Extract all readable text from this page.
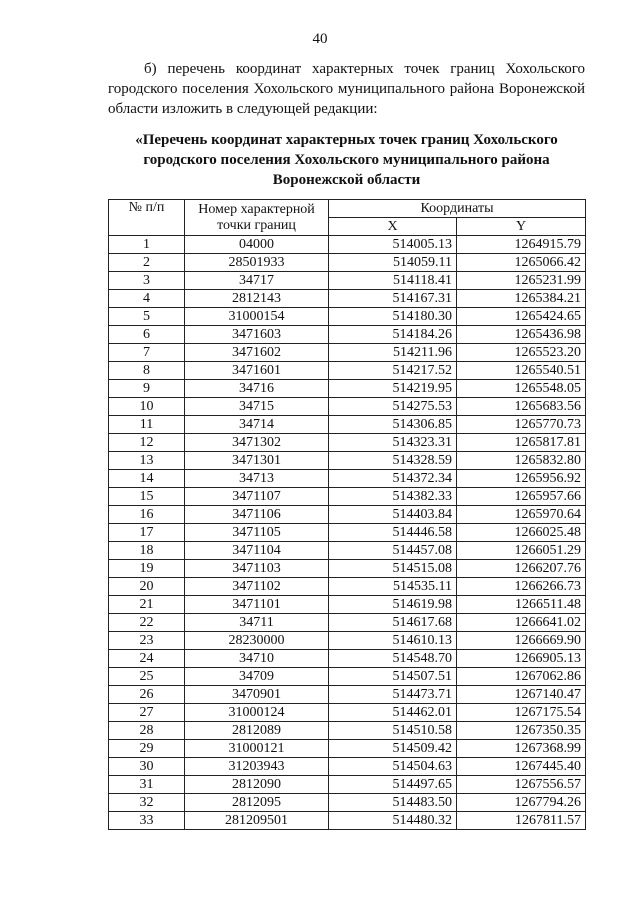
40
б) перечень координат характерных точек границ Хохольского городского поселения Хохольского муниципального района Воронежской области изложить в следующей редакции:
«Перечень координат характерных точек границ Хохольского городского поселения Хохольского муниципального района Воронежской области
№ п/п	Номер характерной точки границ	Координаты	
		X	Y
1	04000	514005.13	1264915.79
2	28501933	514059.11	1265066.42
3	34717	514118.41	1265231.99
4	2812143	514167.31	1265384.21
5	31000154	514180.30	1265424.65
6	3471603	514184.26	1265436.98
7	3471602	514211.96	1265523.20
8	3471601	514217.52	1265540.51
9	34716	514219.95	1265548.05
10	34715	514275.53	1265683.56
11	34714	514306.85	1265770.73
12	3471302	514323.31	1265817.81
13	3471301	514328.59	1265832.80
14	34713	514372.34	1265956.92
15	3471107	514382.33	1265957.66
16	3471106	514403.84	1265970.64
17	3471105	514446.58	1266025.48
18	3471104	514457.08	1266051.29
19	3471103	514515.08	1266207.76
20	3471102	514535.11	1266266.73
21	3471101	514619.98	1266511.48
22	34711	514617.68	1266641.02
23	28230000	514610.13	1266669.90
24	34710	514548.70	1266905.13
25	34709	514507.51	1267062.86
26	3470901	514473.71	1267140.47
27	31000124	514462.01	1267175.54
28	2812089	514510.58	1267350.35
29	31000121	514509.42	1267368.99
30	31203943	514504.63	1267445.40
31	2812090	514497.65	1267556.57
32	2812095	514483.50	1267794.26
33	281209501	514480.32	1267811.57
